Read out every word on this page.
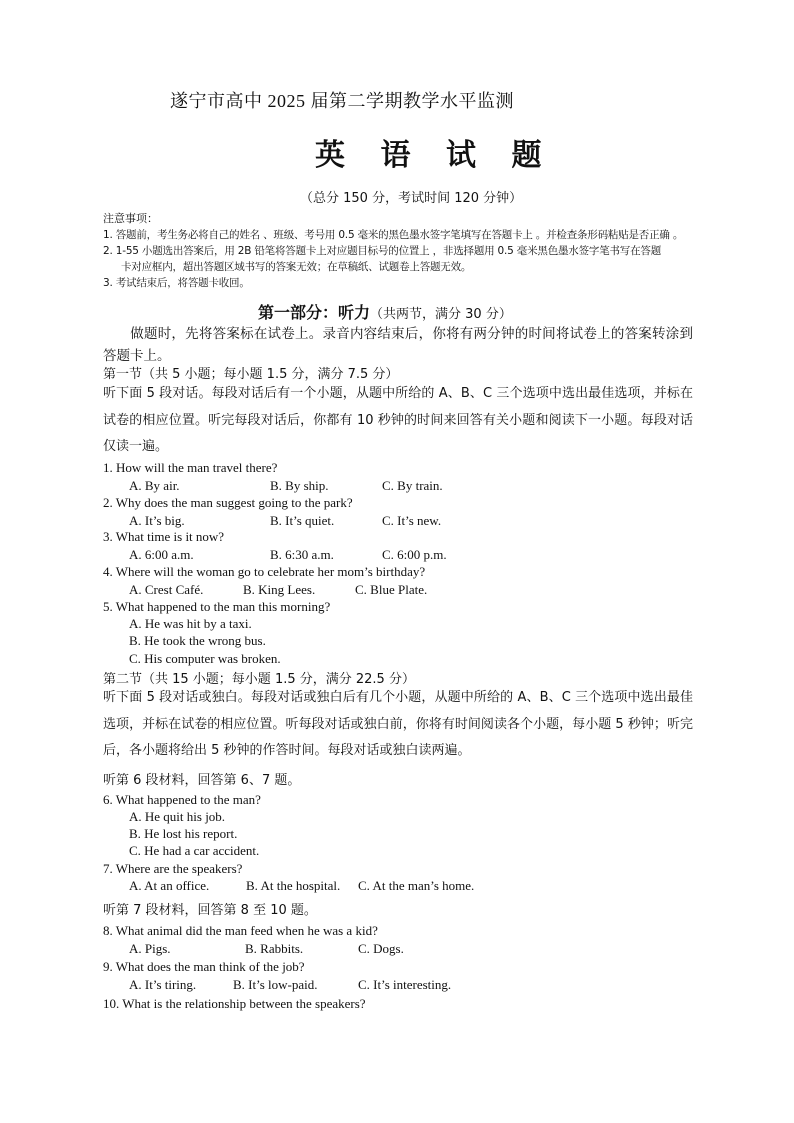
遂宁市高中 2025 届第二学期教学水平监测
英 语 试 题
（总分 150 分，考试时间 120 分钟）
注意事项：
1. 答题前，考生务必将自己的姓名 、班级、考号用 0.5 毫米的黑色墨水签字笔填写在答题卡上 。并检查条形码粘贴是否正确 。
2. 1-55 小题选出答案后，用 2B 铅笔将答题卡上对应题目标号的位置上 ，非选择题用 0.5 毫米黑色墨水签字笔书写在答题
卡对应框内，超出答题区域书写的答案无效；在草稿纸、试题卷上答题无效。
3. 考试结束后，将答题卡收回。
第一部分：听力（共两节，满分 30 分）
做题时，先将答案标在试卷上。录音内容结束后，你将有两分钟的时间将试卷上的答案转涂到答题卡上。
第一节（共 5 小题；每小题 1.5 分，满分 7.5 分）
听下面 5 段对话。每段对话后有一个小题，从题中所给的 A、B、C 三个选项中选出最佳选项，并标在试卷的相应位置。听完每段对话后，你都有 10 秒钟的时间来回答有关小题和阅读下一小题。每段对话仅读一遍。
1. How will the man travel there?
A. By air.	B. By ship.	C. By train.
2. Why does the man suggest going to the park?
A. It’s big.	B. It’s quiet.	C. It’s new.
3. What time is it now?
A. 6:00 a.m.	B. 6:30 a.m.	C. 6:00 p.m.
4. Where will the woman go to celebrate her mom’s birthday?
A. Crest Café.	B. King Lees.	C. Blue Plate.
5. What happened to the man this morning?
A. He was hit by a taxi.
B. He took the wrong bus.
C. His computer was broken.
第二节（共 15 小题；每小题 1.5 分，满分 22.5 分）
听下面 5 段对话或独白。每段对话或独白后有几个小题，从题中所给的 A、B、C 三个选项中选出最佳选项，并标在试卷的相应位置。听每段对话或独白前，你将有时间阅读各个小题，每小题 5 秒钟；听完后，各小题将给出 5 秒钟的作答时间。每段对话或独白读两遍。
听第 6 段材料，回答第 6、7 题。
6. What happened to the man?
A. He quit his job.
B. He lost his report.
C. He had a car accident.
7. Where are the speakers?
A. At an office.	B. At the hospital. C. At the man’s home.
听第 7 段材料，回答第 8 至 10 题。
8. What animal did the man feed when he was a kid?
A. Pigs.	B. Rabbits.	C. Dogs.
9. What does the man think of the job?
A. It’s tiring.	B. It’s low-paid.	C. It’s interesting.
10. What is the relationship between the speakers?
